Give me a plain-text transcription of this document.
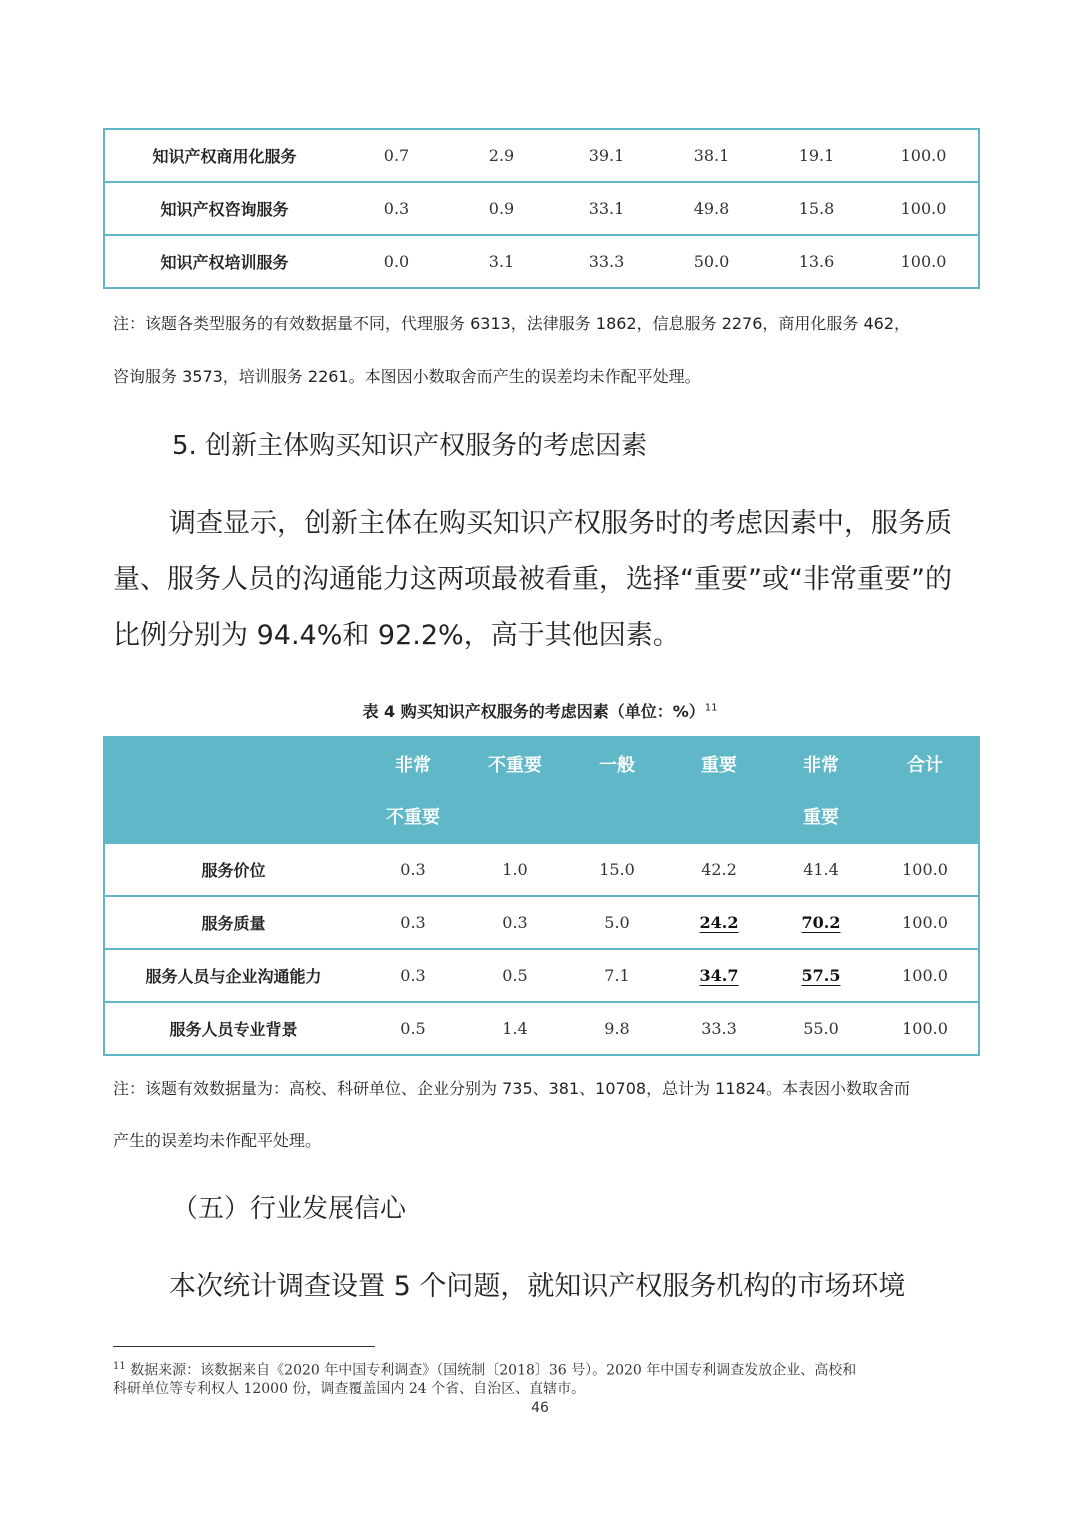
知识产权商用化服务	0.7	2.9	39.1	38.1	19.1	100.0
知识产权咨询服务	0.3	0.9	33.1	49.8	15.8	100.0
知识产权培训服务	0.0	3.1	33.3	50.0	13.6	100.0
注：该题各类型服务的有效数据量不同，代理服务 6313，法律服务 1862，信息服务 2276，商用化服务 462，
咨询服务 3573，培训服务 2261。本图因小数取舍而产生的误差均未作配平处理。
5. 创新主体购买知识产权服务的考虑因素
调查显示，创新主体在购买知识产权服务时的考虑因素中，服务质量、服务人员的沟通能力这两项最被看重，选择“重要”或“非常重要”的比例分别为 94.4%和 92.2%，高于其他因素。
表 4 购买知识产权服务的考虑因素（单位：%）$^{11}$
	非常	不重要	一般	重要	非常	合计
	不重要				重要	
服务价位	0.3	1.0	15.0	42.2	41.4	100.0
服务质量	0.3	0.3	5.0	24.2	70.2	100.0
服务人员与企业沟通能力	0.3	0.5	7.1	34.7	57.5	100.0
服务人员专业背景	0.5	1.4	9.8	33.3	55.0	100.0
注：该题有效数据量为：高校、科研单位、企业分别为 735、381、10708，总计为 11824。本表因小数取舍而
产生的误差均未作配平处理。
（五）行业发展信心
本次统计调查设置 5 个问题，就知识产权服务机构的市场环境
$^{11}$ 数据来源：该数据来自《2020 年中国专利调查》（国统制〔2018〕36 号）。2020 年中国专利调查发放企业、高校和
科研单位等专利权人 12000 份，调查覆盖国内 24 个省、自治区、直辖市。
46
